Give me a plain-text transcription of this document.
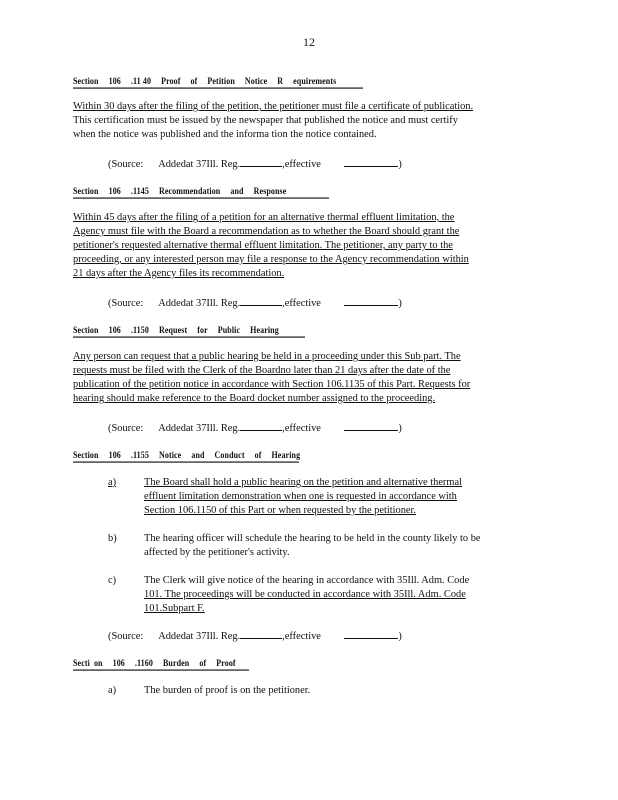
12
Section 106 .11 40 Proof of Petition Notice R equirements
Within 30 days after the filing of the petition, the petitioner must file a certificate of publication.
This certification must be issued by the newspaper that published the notice and must certify
when the notice was published and the informa tion the notice contained.
(Source: Addedat 37Ill. Reg.	,effective	)
Section 106 .1145 Recommendation and Response
Within 45 days after the filing of a petition for an alternative thermal effluent limitation, the
Agency must file with the Board a recommendation as to whether the Board should grant the
petitioner's requested alternative thermal effluent limitation. The petitioner, any party to the
proceeding, or any interested person may file a response to the Agency recommendation within
21 days after the Agency files its recommendation.
(Source: Addedat 37Ill. Reg.	,effective	)
Section 106 .1150 Request for Public Hearing
Any person can request that a public hearing be held in a proceeding under this Sub part. The
requests must be filed with the Clerk of the Boardno later than 21 days after the date of the
publication of the petition notice in accordance with Section 106.1135 of this Part. Requests for
hearing should make reference to the Board docket number assigned to the proceeding.
(Source: Addedat 37Ill. Reg.	,effective	)
Section 106 .1155 Notice and Conduct of Hearing
a)	The Board shall hold a public hearing on the petition and alternative thermal
effluent limitation demonstration when one is requested in accordance with
Section 106.1150 of this Part or when requested by the petitioner.
b)	The hearing officer will schedule the hearing to be held in the county likely to be
affected by the petitioner's activity.
c)	The Clerk will give notice of the hearing in accordance with 35Ill. Adm. Code
101. The proceedings will be conducted in accordance with 35Ill. Adm. Code
101.Subpart F.
(Source: Addedat 37Ill. Reg.	,effective	)
Secti on 106 .1160 Burden of Proof
a)	The burden of proof is on the petitioner.
